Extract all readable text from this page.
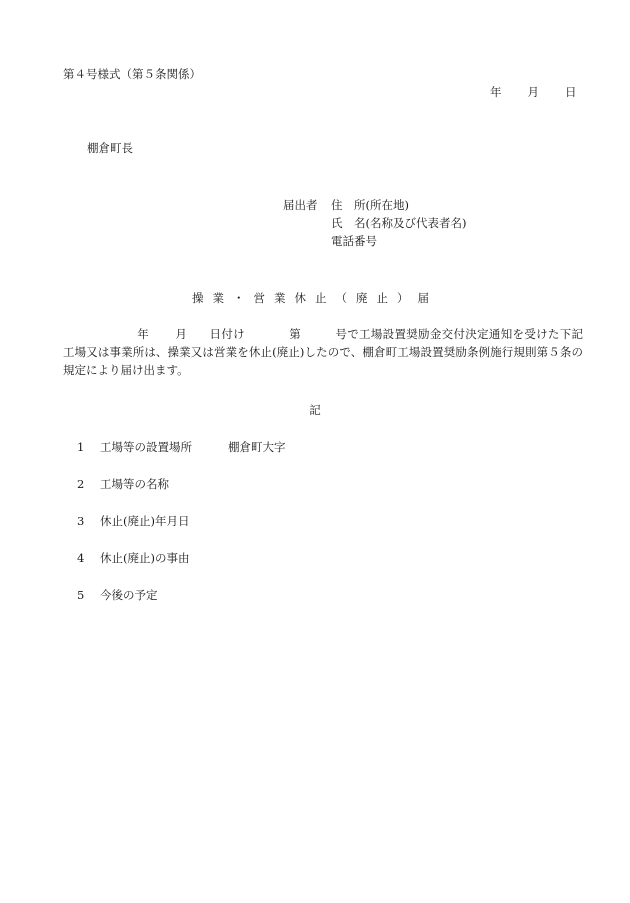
第４号様式（第５条関係）
年 月 日
棚倉町長
届出者	住　所(所在地)
氏　名(名称及び代表者名)
電話番号
操業・営業休止（廃止）届
年 月 日付け	第	号で工場設置奨励金交付決定通知を受けた下記工場又は事業所は、操業又は営業を休止(廃止)したので、棚倉町工場設置奨励条例施行規則第５条の規定により届け出ます。
記
1 工場等の設置場所	棚倉町大字
2 工場等の名称
3 休止(廃止)年月日
4 休止(廃止)の事由
5 今後の予定
